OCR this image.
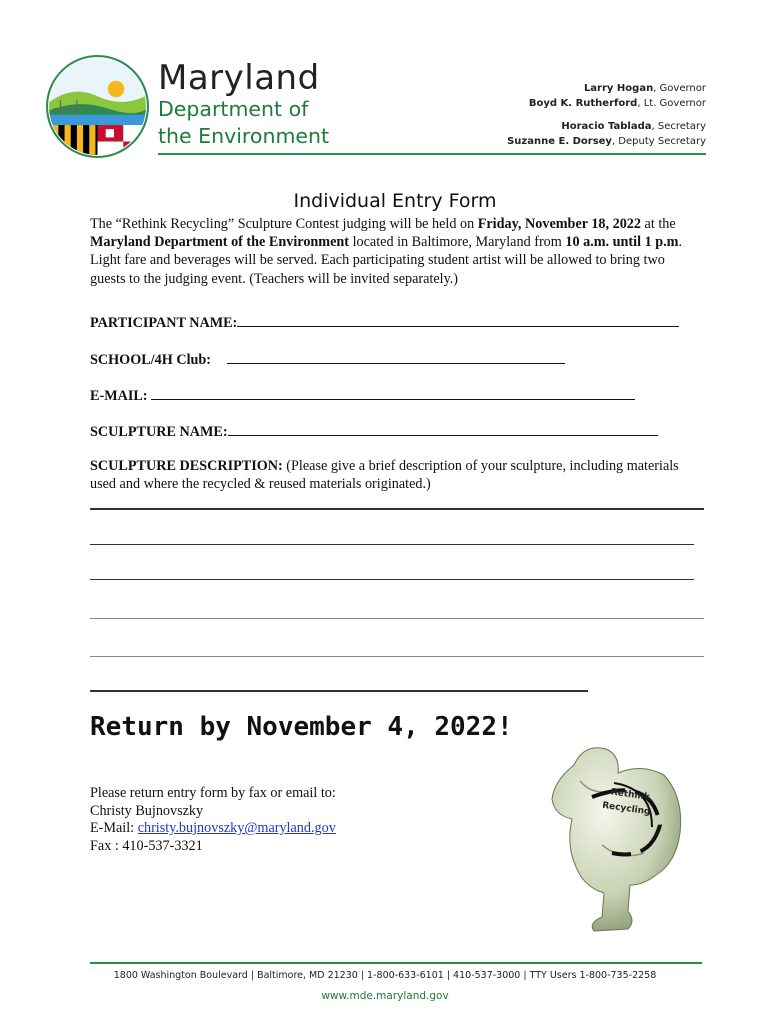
Maryland
Department of
the Environment
Larry Hogan, Governor
Boyd K. Rutherford, Lt. Governor
Horacio Tablada, Secretary
Suzanne E. Dorsey, Deputy Secretary
Individual Entry Form
The “Rethink Recycling” Sculpture Contest judging will be held on Friday, November 18, 2022 at the Maryland Department of the Environment located in Baltimore, Maryland from 10 a.m. until 1 p.m. Light fare and beverages will be served. Each participating student artist will be allowed to bring two guests to the judging event. (Teachers will be invited separately.)
PARTICIPANT NAME:
SCHOOL/4H Club:
E-MAIL:
SCULPTURE NAME:
SCULPTURE DESCRIPTION: (Please give a brief description of your sculpture, including materials used and where the recycled & reused materials originated.)
Return by November 4, 2022!
Please return entry form by fax or email to:
Christy Bujnovszky
E-Mail: christy.bujnovszky@maryland.gov
Fax : 410-537-3321
Rethink
Recycling
1800 Washington Boulevard | Baltimore, MD 21230 | 1-800-633-6101 | 410-537-3000 | TTY Users 1-800-735-2258
www.mde.maryland.gov
